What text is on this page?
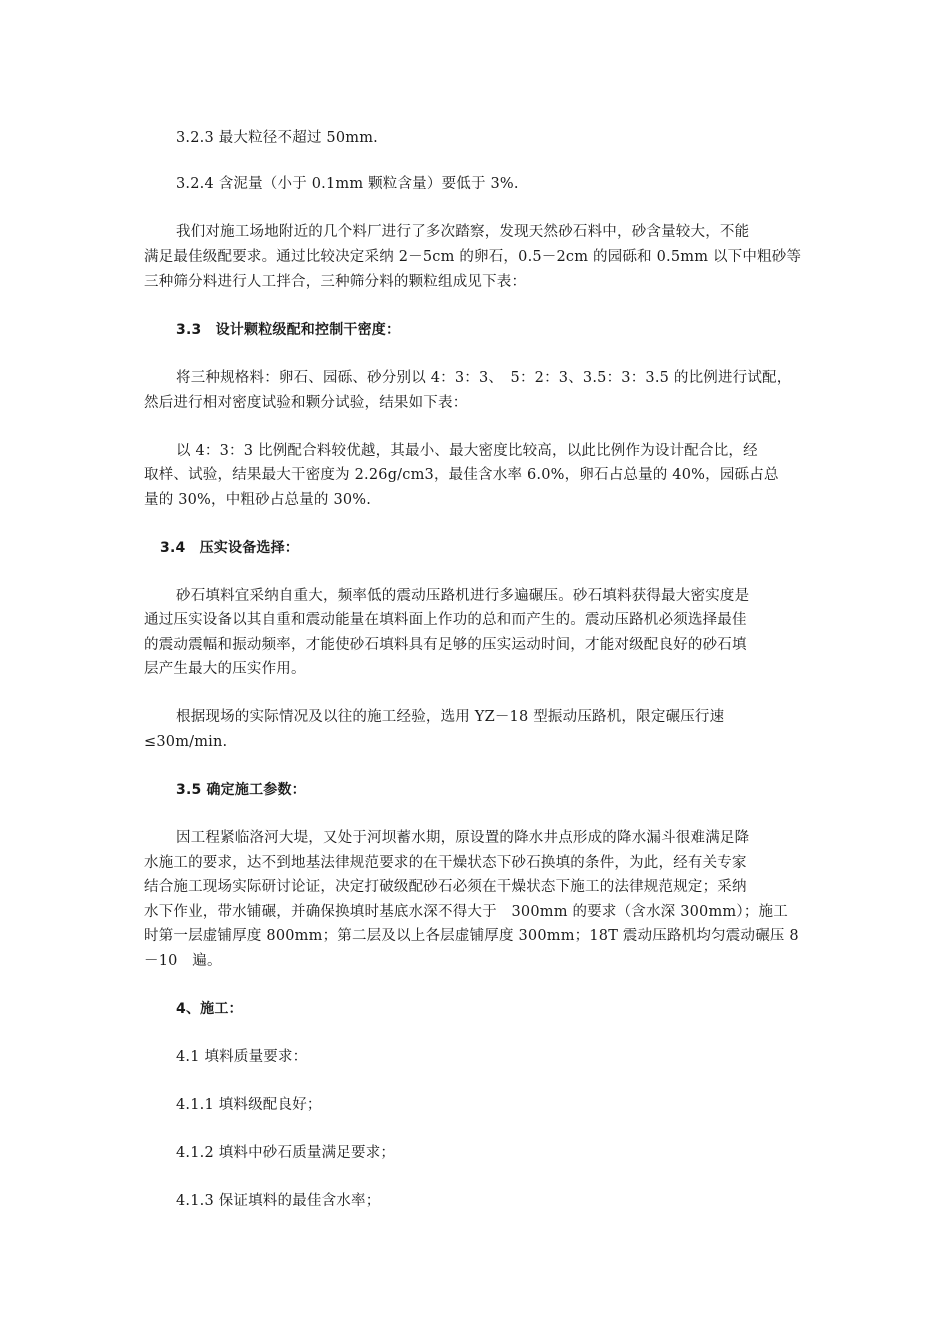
3.2.3 最大粒径不超过 50mm.
3.2.4 含泥量（小于 0.1mm 颗粒含量）要低于 3%.
我们对施工场地附近的几个料厂进行了多次踏察，发现天然砂石料中，砂含量较大，不能
满足最佳级配要求。通过比较决定采纳 2－5cm 的卵石，0.5－2cm 的园砾和 0.5mm 以下中粗砂等
三种筛分料进行人工拌合，三种筛分料的颗粒组成见下表：
3.3　设计颗粒级配和控制干密度：
将三种规格料：卵石、园砾、砂分别以 4：3：3、　5：2：3、3.5：3：3.5 的比例进行试配，
然后进行相对密度试验和颗分试验，结果如下表：
以 4：3：3 比例配合料较优越，其最小、最大密度比较高，以此比例作为设计配合比，经
取样、试验，结果最大干密度为 2.26g/cm3，最佳含水率 6.0%，卵石占总量的 40%，园砾占总
量的 30%，中粗砂占总量的 30%.
3.4　压实设备选择：
砂石填料宜采纳自重大，频率低的震动压路机进行多遍碾压。砂石填料获得最大密实度是
通过压实设备以其自重和震动能量在填料面上作功的总和而产生的。震动压路机必须选择最佳
的震动震幅和振动频率，才能使砂石填料具有足够的压实运动时间，才能对级配良好的砂石填
层产生最大的压实作用。
根据现场的实际情况及以往的施工经验，选用 YZ－18 型振动压路机，限定碾压行速
≤30m/min.
3.5 确定施工参数：
因工程紧临洛河大堤，又处于河坝蓄水期，原设置的降水井点形成的降水漏斗很难满足降
水施工的要求，达不到地基法律规范要求的在干燥状态下砂石换填的条件，为此，经有关专家
结合施工现场实际研讨论证，决定打破级配砂石必须在干燥状态下施工的法律规范规定；采纳
水下作业，带水铺碾，并确保换填时基底水深不得大于　300mm 的要求（含水深 300mm）；施工
时第一层虚铺厚度 800mm；第二层及以上各层虚铺厚度 300mm；18T 震动压路机均匀震动碾压 8
－10　遍。
4、施工：
4.1 填料质量要求：
4.1.1 填料级配良好；
4.1.2 填料中砂石质量满足要求；
4.1.3 保证填料的最佳含水率；
